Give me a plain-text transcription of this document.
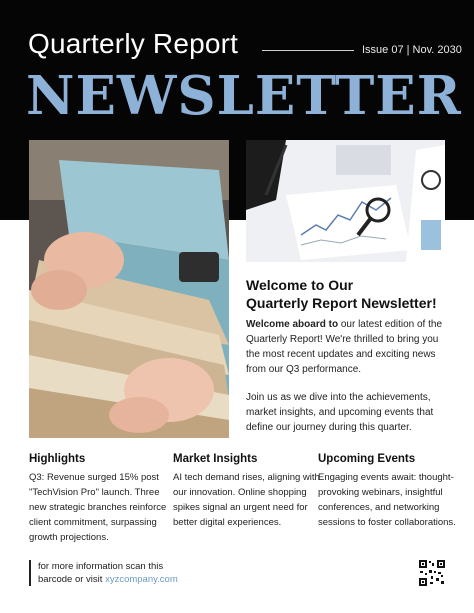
Quarterly Report	Issue 07 | Nov. 2030
NEWSLETTER
Welcome to Our
Quarterly Report Newsletter!
Welcome aboard to our latest edition of the Quarterly Report! We're thrilled to bring you the most recent updates and exciting news from our Q3 performance.
Join us as we dive into the achievements, market insights, and upcoming events that define our journey during this quarter.
Highlights

Q3: Revenue surged 15% post "TechVision Pro" launch. Three new strategic branches reinforce client commitment, surpassing growth projections.

Market Insights

AI tech demand rises, aligning with our innovation. Online shopping spikes signal an urgent need for better digital experiences.

Upcoming Events

Engaging events await: thought-provoking webinars, insightful conferences, and networking sessions to foster collaborations.

for more information scan this
barcode or visit xyzcompany.com
